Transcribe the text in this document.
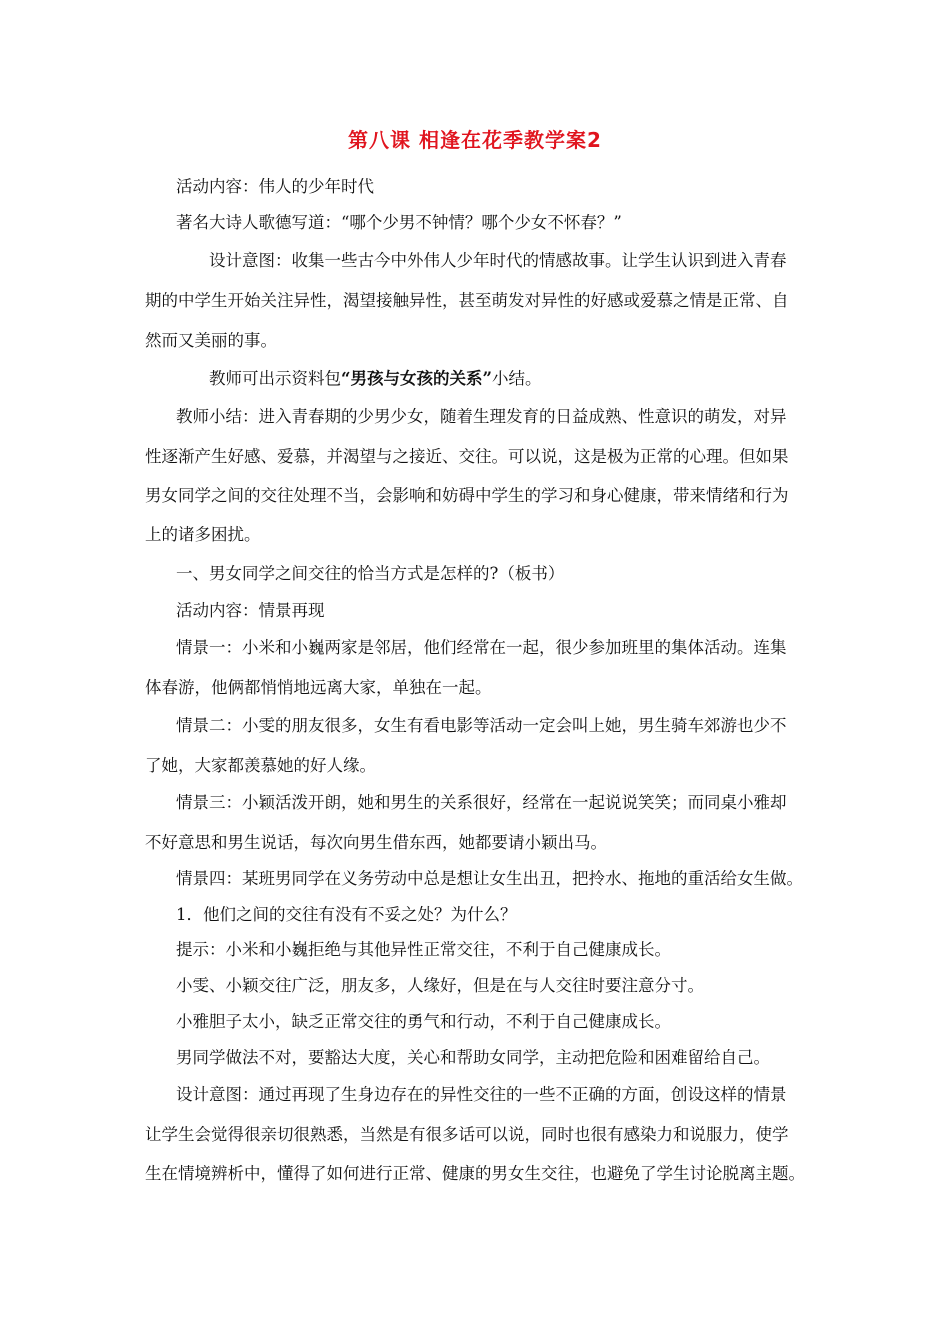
第八课 相逢在花季教学案2
活动内容：伟人的少年时代
著名大诗人歌德写道：“哪个少男不钟情？哪个少女不怀春？”
设计意图：收集一些古今中外伟人少年时代的情感故事。让学生认识到进入青春
期的中学生开始关注异性，渴望接触异性，甚至萌发对异性的好感或爱慕之情是正常、自
然而又美丽的事。
教师可出示资料包“男孩与女孩的关系”小结。
教师小结：进入青春期的少男少女，随着生理发育的日益成熟、性意识的萌发，对异
性逐渐产生好感、爱慕，并渴望与之接近、交往。可以说，这是极为正常的心理。但如果
男女同学之间的交往处理不当，会影响和妨碍中学生的学习和身心健康，带来情绪和行为
上的诸多困扰。
一、男女同学之间交往的恰当方式是怎样的?（板书）
活动内容：情景再现
情景一：小米和小巍两家是邻居，他们经常在一起，很少参加班里的集体活动。连集
体春游，他俩都悄悄地远离大家，单独在一起。
情景二：小雯的朋友很多，女生有看电影等活动一定会叫上她，男生骑车郊游也少不
了她，大家都羡慕她的好人缘。
情景三：小颖活泼开朗，她和男生的关系很好，经常在一起说说笑笑；而同桌小雅却
不好意思和男生说话，每次向男生借东西，她都要请小颖出马。
情景四：某班男同学在义务劳动中总是想让女生出丑，把拎水、拖地的重活给女生做。
1．他们之间的交往有没有不妥之处？为什么？
提示：小米和小巍拒绝与其他异性正常交往，不利于自己健康成长。
小雯、小颖交往广泛，朋友多，人缘好，但是在与人交往时要注意分寸。
小雅胆子太小，缺乏正常交往的勇气和行动，不利于自己健康成长。
男同学做法不对，要豁达大度，关心和帮助女同学，主动把危险和困难留给自己。
设计意图：通过再现了生身边存在的异性交往的一些不正确的方面，创设这样的情景
让学生会觉得很亲切很熟悉，当然是有很多话可以说，同时也很有感染力和说服力，使学
生在情境辨析中，懂得了如何进行正常、健康的男女生交往，也避免了学生讨论脱离主题。
